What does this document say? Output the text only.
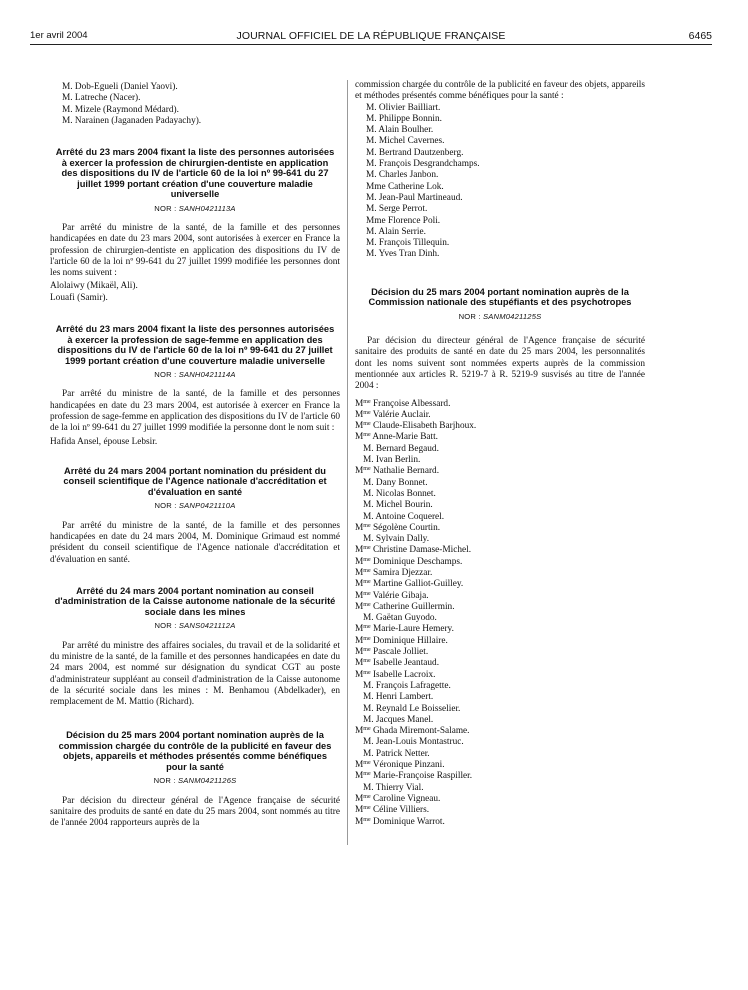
1er avril 2004	JOURNAL OFFICIEL DE LA RÉPUBLIQUE FRANÇAISE	6465
M. Dob-Egueli (Daniel Yaovi).
M. Latreche (Nacer).
M. Mizele (Raymond Médard).
M. Narainen (Jaganaden Padayachy).
Arrêté du 23 mars 2004 fixant la liste des personnes autorisées à exercer la profession de chirurgien-dentiste en application des dispositions du IV de l'article 60 de la loi nº 99-641 du 27 juillet 1999 portant création d'une couverture maladie universelle
NOR : SANH0421113A
Par arrêté du ministre de la santé, de la famille et des personnes handicapées en date du 23 mars 2004, sont autorisées à exercer en France la profession de chirurgien-dentiste en application des dispositions du IV de l'article 60 de la loi nº 99-641 du 27 juillet 1999 modifiée les personnes dont les noms suivent :
Alolaiwy (Mikaël, Ali).
Louafi (Samir).
Arrêté du 23 mars 2004 fixant la liste des personnes autorisées à exercer la profession de sage-femme en application des dispositions du IV de l'article 60 de la loi nº 99-641 du 27 juillet 1999 portant création d'une couverture maladie universelle
NOR : SANH0421114A
Par arrêté du ministre de la santé, de la famille et des personnes handicapées en date du 23 mars 2004, est autorisée à exercer en France la profession de sage-femme en application des dispositions du IV de l'article 60 de la loi nº 99-641 du 27 juillet 1999 modifiée la personne dont le nom suit :
Hafida Ansel, épouse Lebsir.
Arrêté du 24 mars 2004 portant nomination du président du conseil scientifique de l'Agence nationale d'accréditation et d'évaluation en santé
NOR : SANP0421110A
Par arrêté du ministre de la santé, de la famille et des personnes handicapées en date du 24 mars 2004, M. Dominique Grimaud est nommé président du conseil scientifique de l'Agence nationale d'accréditation et d'évaluation en santé.
Arrêté du 24 mars 2004 portant nomination au conseil d'administration de la Caisse autonome nationale de la sécurité sociale dans les mines
NOR : SANS0421112A
Par arrêté du ministre des affaires sociales, du travail et de la solidarité et du ministre de la santé, de la famille et des personnes handicapées en date du 24 mars 2004, est nommé sur désignation du syndicat CGT au poste d'administrateur suppléant au conseil d'administration de la Caisse autonome de la sécurité sociale dans les mines : M. Benhamou (Abdelkader), en remplacement de M. Mattio (Richard).
Décision du 25 mars 2004 portant nomination auprès de la commission chargée du contrôle de la publicité en faveur des objets, appareils et méthodes présentés comme bénéfiques pour la santé
NOR : SANM0421126S
Par décision du directeur général de l'Agence française de sécurité sanitaire des produits de santé en date du 25 mars 2004, sont nommés au titre de l'année 2004 rapporteurs auprès de la
commission chargée du contrôle de la publicité en faveur des objets, appareils et méthodes présentés comme bénéfiques pour la santé :
M. Olivier Bailliart.
M. Philippe Bonnin.
M. Alain Boulher.
M. Michel Cavernes.
M. Bertrand Dautzenberg.
M. François Desgrandchamps.
M. Charles Janbon.
Mme Catherine Lok.
M. Jean-Paul Martineaud.
M. Serge Perrot.
Mme Florence Poli.
M. Alain Serrie.
M. François Tillequin.
M. Yves Tran Dinh.
Décision du 25 mars 2004 portant nomination auprès de la Commission nationale des stupéfiants et des psychotropes
NOR : SANM0421125S
Par décision du directeur général de l'Agence française de sécurité sanitaire des produits de santé en date du 25 mars 2004, les personnalités dont les noms suivent sont nommées experts auprès de la commission mentionnée aux articles R. 5219-7 à R. 5219-9 susvisés au titre de l'année 2004 :
$M^{me}$ Françoise Albessard.
$M^{me}$ Valérie Auclair.
$M^{me}$ Claude-Elisabeth Barjhoux.
$M^{me}$ Anne-Marie Batt.
M. Bernard Begaud.
M. Ivan Berlin.
$M^{me}$ Nathalie Bernard.
M. Dany Bonnet.
M. Nicolas Bonnet.
M. Michel Bourin.
M. Antoine Coquerel.
$M^{me}$ Ségolène Courtin.
M. Sylvain Dally.
$M^{me}$ Christine Damase-Michel.
$M^{me}$ Dominique Deschamps.
$M^{me}$ Samira Djezzar.
$M^{me}$ Martine Galliot-Guilley.
$M^{me}$ Valérie Gibaja.
$M^{me}$ Catherine Guillermin.
M. Gaëtan Guyodo.
$M^{me}$ Marie-Laure Hemery.
$M^{me}$ Dominique Hillaire.
$M^{me}$ Pascale Jolliet.
$M^{me}$ Isabelle Jeantaud.
$M^{me}$ Isabelle Lacroix.
M. François Lafragette.
M. Henri Lambert.
M. Reynald Le Boisselier.
M. Jacques Manel.
$M^{me}$ Ghada Miremont-Salame.
M. Jean-Louis Montastruc.
M. Patrick Netter.
$M^{me}$ Véronique Pinzani.
$M^{me}$ Marie-Françoise Raspiller.
M. Thierry Vial.
$M^{me}$ Caroline Vigneau.
$M^{me}$ Céline Villiers.
$M^{me}$ Dominique Warrot.
